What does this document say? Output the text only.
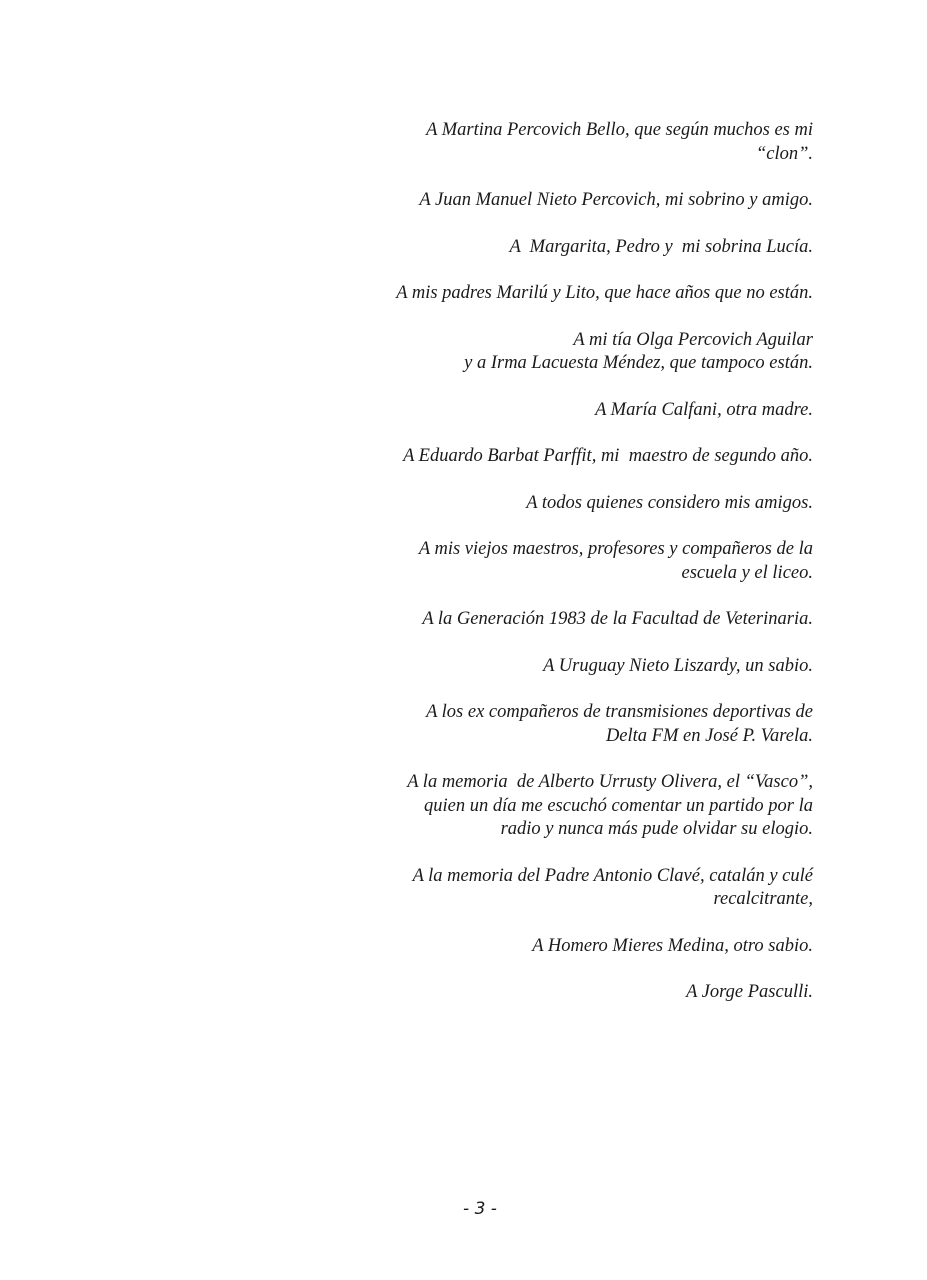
A Martina Percovich Bello, que según muchos es mi
“clon”.

A Juan Manuel Nieto Percovich, mi sobrino y amigo.

A  Margarita, Pedro y  mi sobrina Lucía.

A mis padres Marilú y Lito, que hace años que no están.

A mi tía Olga Percovich Aguilar
y a Irma Lacuesta Méndez, que tampoco están.

A María Calfani, otra madre.

A Eduardo Barbat Parffit, mi  maestro de segundo año.

A todos quienes considero mis amigos.

A mis viejos maestros, profesores y compañeros de la
escuela y el liceo.

A la Generación 1983 de la Facultad de Veterinaria.

A Uruguay Nieto Liszardy, un sabio.

A los ex compañeros de transmisiones deportivas de
Delta FM en José P. Varela.

A la memoria  de Alberto Urrusty Olivera, el “Vasco”,
quien un día me escuchó comentar un partido por la
radio y nunca más pude olvidar su elogio.

A la memoria del Padre Antonio Clavé, catalán y culé
recalcitrante,

A Homero Mieres Medina, otro sabio.

A Jorge Pasculli.

- 3 -
